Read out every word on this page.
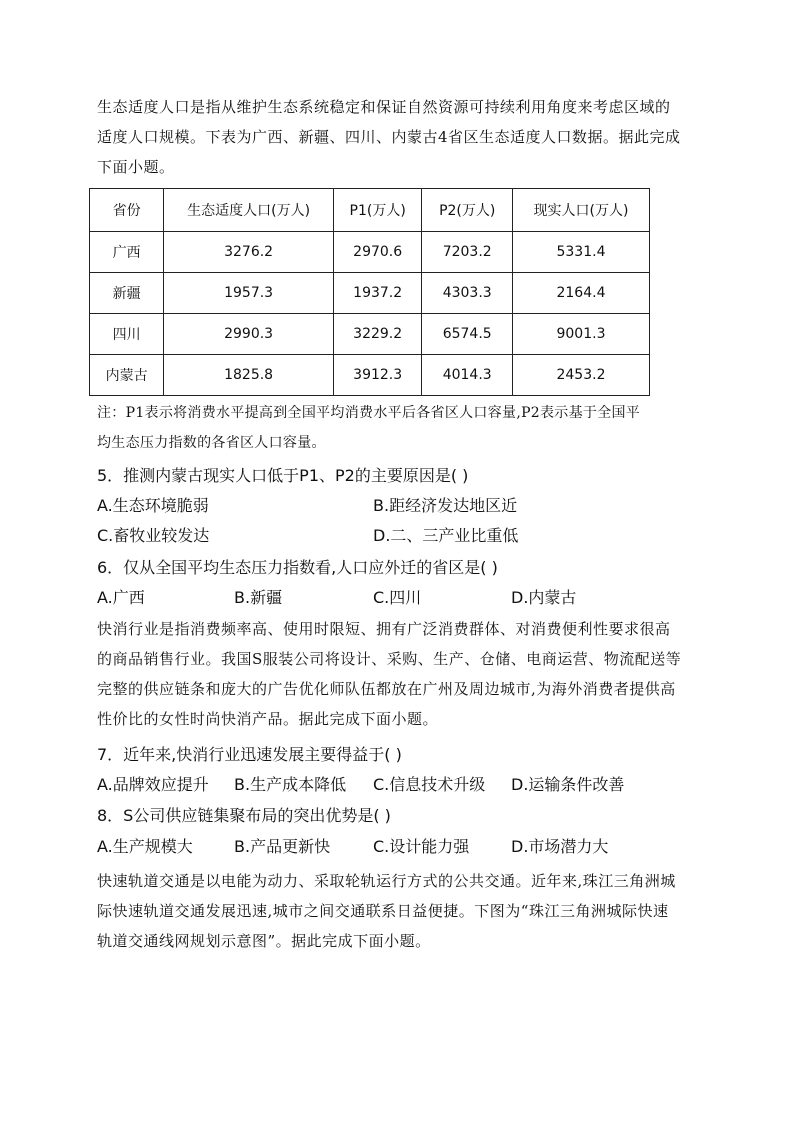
生态适度人口是指从维护生态系统稳定和保证自然资源可持续利用角度来考虑区域的
适度人口规模。下表为广西、新疆、四川、内蒙古4省区生态适度人口数据。据此完成
下面小题。
省份	生态适度人口(万人)	P1(万人)	P2(万人)	现实人口(万人)
广西	3276.2	2970.6	7203.2	5331.4
新疆	1957.3	1937.2	4303.3	2164.4
四川	2990.3	3229.2	6574.5	9001.3
内蒙古	1825.8	3912.3	4014.3	2453.2
注：P1表示将消费水平提高到全国平均消费水平后各省区人口容量,P2表示基于全国平
均生态压力指数的各省区人口容量。
5．推测内蒙古现实人口低于P1、P2的主要原因是( )
A.生态环境脆弱	B.距经济发达地区近
C.畜牧业较发达	D.二、三产业比重低
6．仅从全国平均生态压力指数看,人口应外迁的省区是( )
A.广西	B.新疆	C.四川	D.内蒙古
快消行业是指消费频率高、使用时限短、拥有广泛消费群体、对消费便利性要求很高
的商品销售行业。我国S服装公司将设计、采购、生产、仓储、电商运营、物流配送等
完整的供应链条和庞大的广告优化师队伍都放在广州及周边城市,为海外消费者提供高
性价比的女性时尚快消产品。据此完成下面小题。
7．近年来,快消行业迅速发展主要得益于( )
A.品牌效应提升 B.生产成本降低 C.信息技术升级 D.运输条件改善
8．S公司供应链集聚布局的突出优势是( )
A.生产规模大	B.产品更新快	C.设计能力强	D.市场潜力大
快速轨道交通是以电能为动力、采取轮轨运行方式的公共交通。近年来,珠江三角洲城
际快速轨道交通发展迅速,城市之间交通联系日益便捷。下图为“珠江三角洲城际快速
轨道交通线网规划示意图”。据此完成下面小题。
